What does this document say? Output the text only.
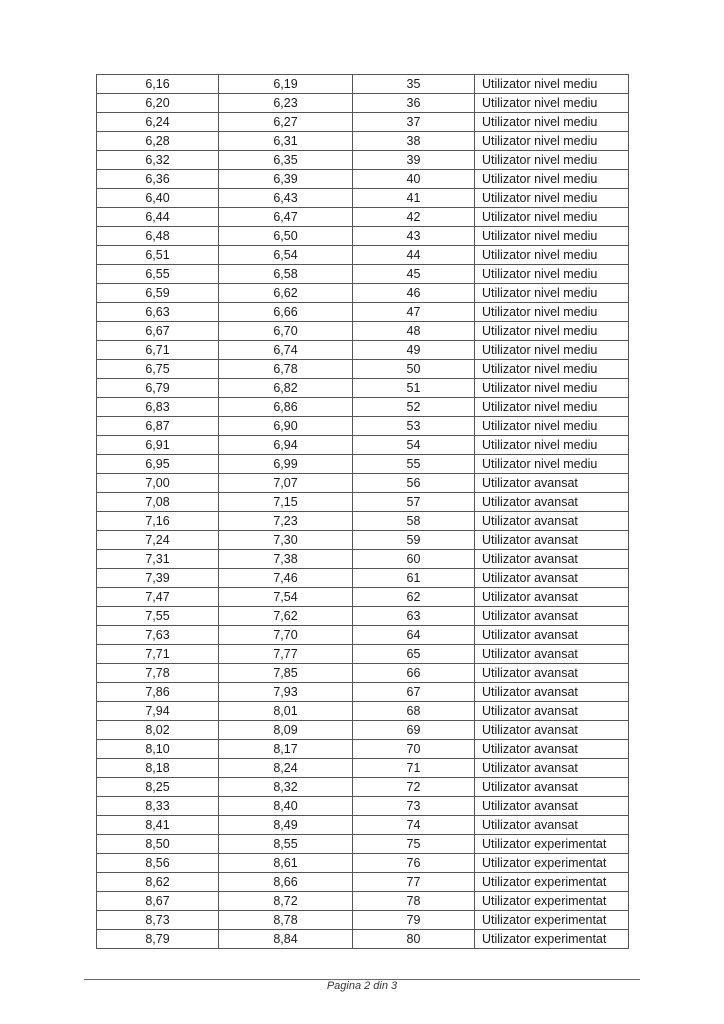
6,16	6,19	35	Utilizator nivel mediu
6,20	6,23	36	Utilizator nivel mediu
6,24	6,27	37	Utilizator nivel mediu
6,28	6,31	38	Utilizator nivel mediu
6,32	6,35	39	Utilizator nivel mediu
6,36	6,39	40	Utilizator nivel mediu
6,40	6,43	41	Utilizator nivel mediu
6,44	6,47	42	Utilizator nivel mediu
6,48	6,50	43	Utilizator nivel mediu
6,51	6,54	44	Utilizator nivel mediu
6,55	6,58	45	Utilizator nivel mediu
6,59	6,62	46	Utilizator nivel mediu
6,63	6,66	47	Utilizator nivel mediu
6,67	6,70	48	Utilizator nivel mediu
6,71	6,74	49	Utilizator nivel mediu
6,75	6,78	50	Utilizator nivel mediu
6,79	6,82	51	Utilizator nivel mediu
6,83	6,86	52	Utilizator nivel mediu
6,87	6,90	53	Utilizator nivel mediu
6,91	6,94	54	Utilizator nivel mediu
6,95	6,99	55	Utilizator nivel mediu
7,00	7,07	56	Utilizator avansat
7,08	7,15	57	Utilizator avansat
7,16	7,23	58	Utilizator avansat
7,24	7,30	59	Utilizator avansat
7,31	7,38	60	Utilizator avansat
7,39	7,46	61	Utilizator avansat
7,47	7,54	62	Utilizator avansat
7,55	7,62	63	Utilizator avansat
7,63	7,70	64	Utilizator avansat
7,71	7,77	65	Utilizator avansat
7,78	7,85	66	Utilizator avansat
7,86	7,93	67	Utilizator avansat
7,94	8,01	68	Utilizator avansat
8,02	8,09	69	Utilizator avansat
8,10	8,17	70	Utilizator avansat
8,18	8,24	71	Utilizator avansat
8,25	8,32	72	Utilizator avansat
8,33	8,40	73	Utilizator avansat
8,41	8,49	74	Utilizator avansat
8,50	8,55	75	Utilizator experimentat
8,56	8,61	76	Utilizator experimentat
8,62	8,66	77	Utilizator experimentat
8,67	8,72	78	Utilizator experimentat
8,73	8,78	79	Utilizator experimentat
8,79	8,84	80	Utilizator experimentat
Pagina 2 din 3
